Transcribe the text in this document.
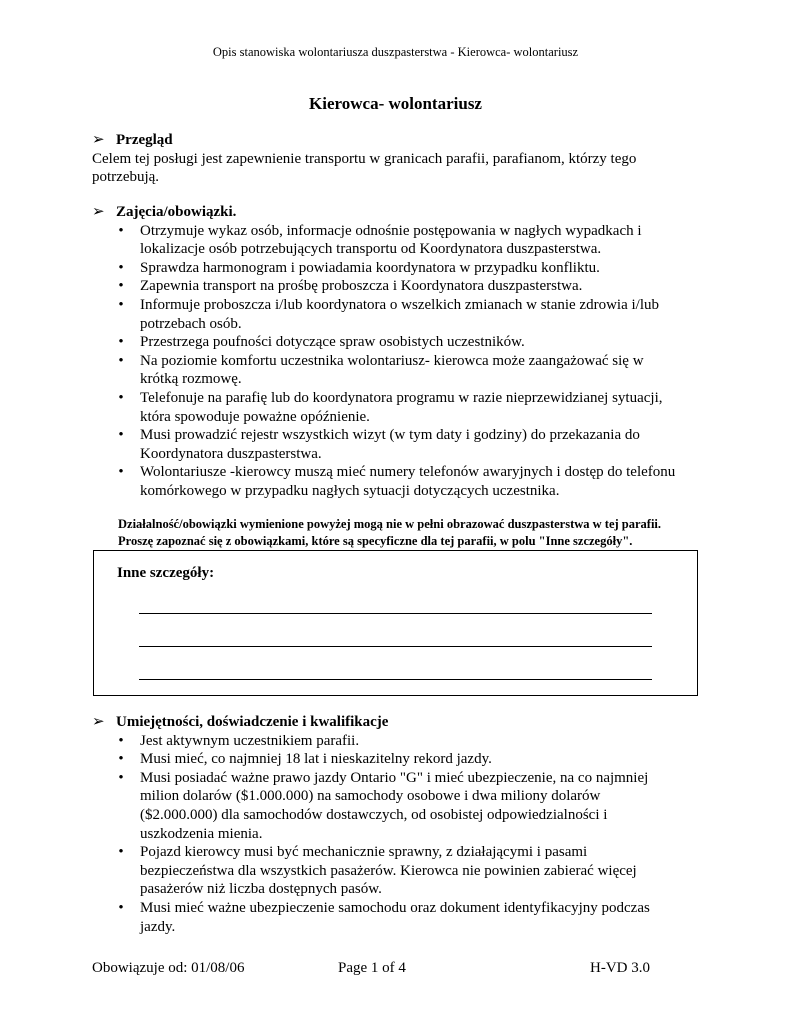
Opis stanowiska wolontariusza duszpasterstwa - Kierowca- wolontariusz
Kierowca- wolontariusz
➢ Przegląd

Celem tej posługi jest zapewnienie transportu w granicach parafii, parafianom, którzy tego

potrzebują.

➢ Zajęcia/obowiązki.
• Otrzymuje wykaz osób, informacje odnośnie postępowania w nagłych wypadkach i
lokalizacje osób potrzebujących transportu od Koordynatora duszpasterstwa.
• Sprawdza harmonogram i powiadamia koordynatora w przypadku konfliktu.
• Zapewnia transport na prośbę proboszcza i Koordynatora duszpasterstwa.
• Informuje proboszcza i/lub koordynatora o wszelkich zmianach w stanie zdrowia i/lub
potrzebach osób.
• Przestrzega poufności dotyczące spraw osobistych uczestników.
• Na poziomie komfortu uczestnika wolontariusz- kierowca może zaangażować się w
krótką rozmowę.
• Telefonuje na parafię lub do koordynatora programu w razie nieprzewidzianej sytuacji,
która spowoduje poważne opóźnienie.
• Musi prowadzić rejestr wszystkich wizyt (w tym daty i godziny) do przekazania do
Koordynatora duszpasterstwa.
• Wolontariusze -kierowcy muszą mieć numery telefonów awaryjnych i dostęp do telefonu
komórkowego w przypadku nagłych sytuacji dotyczących uczestnika.
Działalność/obowiązki wymienione powyżej mogą nie w pełni obrazować duszpasterstwa w tej parafii.
Proszę zapoznać się z obowiązkami, które są specyficzne dla tej parafii, w polu "Inne szczegóły".
Inne szczegóły:
➢ Umiejętności, doświadczenie i kwalifikacje
• Jest aktywnym uczestnikiem parafii.
• Musi mieć, co najmniej 18 lat i nieskazitelny rekord jazdy.
• Musi posiadać ważne prawo jazdy Ontario "G" i mieć ubezpieczenie, na co najmniej
milion dolarów ($1.000.000) na samochody osobowe i dwa miliony dolarów
($2.000.000) dla samochodów dostawczych, od osobistej odpowiedzialności i
uszkodzenia mienia.
• Pojazd kierowcy musi być mechanicznie sprawny, z działającymi i pasami
bezpieczeństwa dla wszystkich pasażerów. Kierowca nie powinien zabierać więcej
pasażerów niż liczba dostępnych pasów.
• Musi mieć ważne ubezpieczenie samochodu oraz dokument identyfikacyjny podczas
jazdy.
Obowiązuje od: 01/08/06	Page 1 of 4	H-VD 3.0
